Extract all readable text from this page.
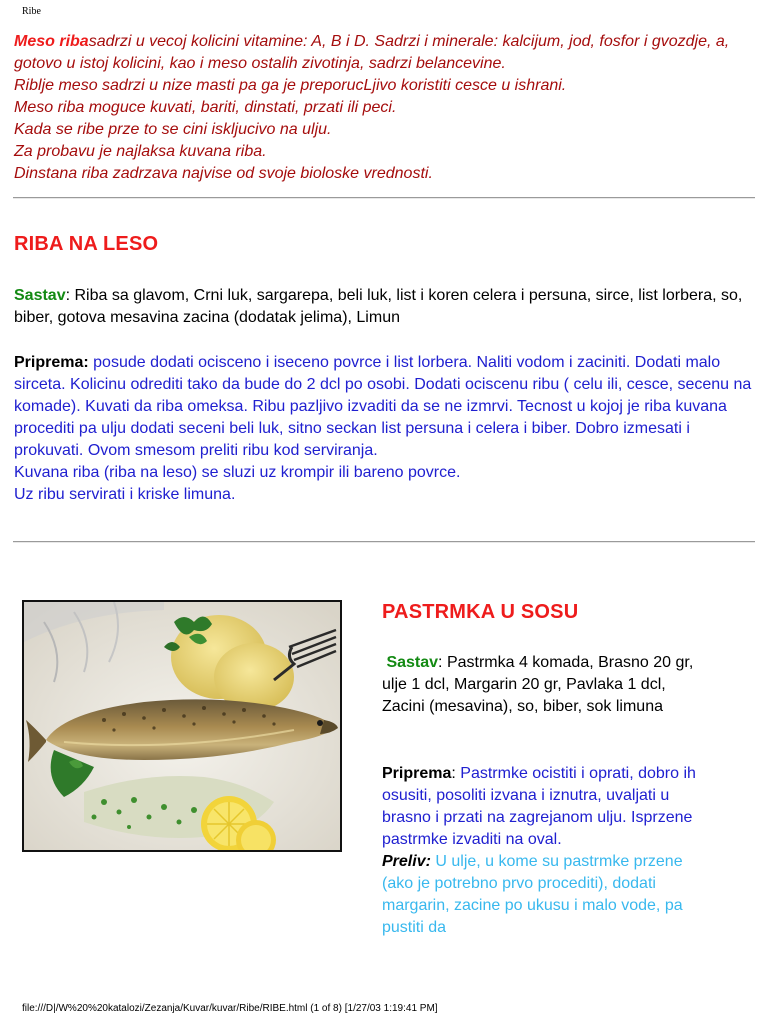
Ribe

Meso ribasadrzi u vecoj kolicini vitamine: A, B i D. Sadrzi i minerale: kalcijum, jod, fosfor i gvozdje, a, gotovo u istoj kolicini, kao i meso ostalih zivotinja, sadrzi belancevine.

Riblje meso sadrzi u nize masti pa ga je preporucLjivo koristiti cesce u ishrani.

Meso riba moguce kuvati, bariti, dinstati, przati ili peci.

Kada se ribe prze to se cini iskljucivo na ulju.

Za probavu je najlaksa kuvana riba.

Dinstana riba zadrzava najvise od svoje bioloske vrednosti.

RIBA NA LESO
Sastav: Riba sa glavom, Crni luk, sargarepa, beli luk, list i koren celera i persuna, sirce, list lorbera, so, biber, gotova mesavina zacina (dodatak jelima), Limun
Priprema: posude dodati ocisceno i iseceno povrce i list lorbera. Naliti vodom i zaciniti. Dodati malo sirceta. Kolicinu odrediti tako da bude do 2 dcl po osobi. Dodati ociscenu ribu ( celu ili, cesce, secenu na komade). Kuvati da riba omeksa. Ribu pazljivo izvaditi da se ne izmrvi. Tecnost u kojoj je riba kuvana procediti pa ulju dodati seceni beli luk, sitno seckan list persuna i celera i biber. Dobro izmesati i prokuvati. Ovom smesom preliti ribu kod serviranja.
Kuvana riba (riba na leso) se sluzi uz krompir ili bareno povrce.
Uz ribu servirati i kriske limuna.
PASTRMKA U SOSU
Sastav: Pastrmka 4 komada, Brasno 20 gr, ulje 1 dcl, Margarin 20 gr, Pavlaka 1 dcl, Zacini (mesavina), so, biber, sok limuna
Priprema: Pastrmke ocistiti i oprati, dobro ih osusiti, posoliti izvana i iznutra, uvaljati u brasno i przati na zagrejanom ulju. Isprzene pastrmke izvaditi na oval.
Preliv: U ulje, u kome su pastrmke przene (ako je potrebno prvo procediti), dodati margarin, zacine po ukusu i malo vode, pa pustiti da
file:///D|/W%20%20katalozi/Zezanja/Kuvar/kuvar/Ribe/RIBE.html (1 of 8) [1/27/03 1:19:41 PM]
